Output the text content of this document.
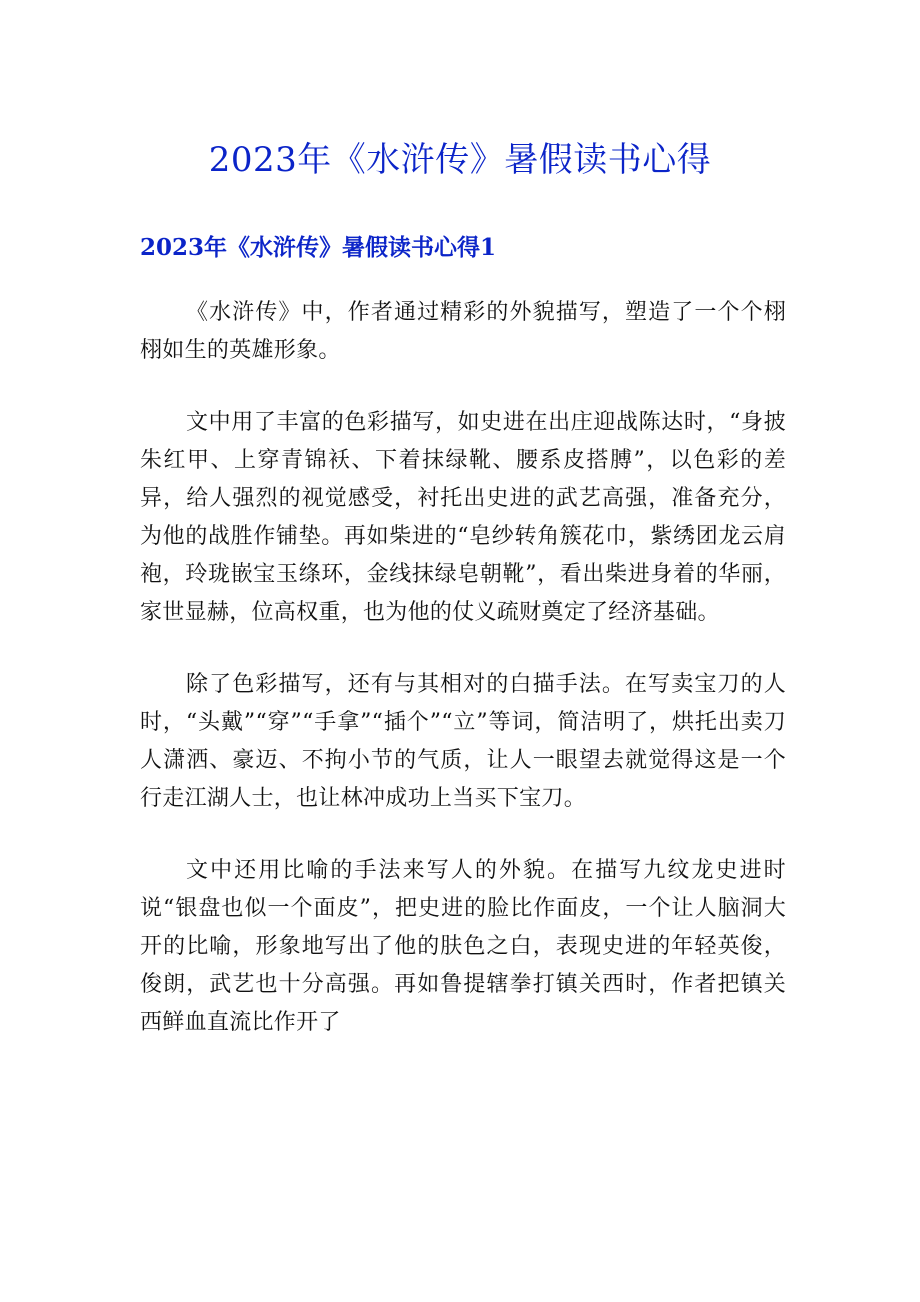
2023年《水浒传》暑假读书心得
2023年《水浒传》暑假读书心得1

《水浒传》中，作者通过精彩的外貌描写，塑造了一个个栩栩如生的英雄形象。

文中用了丰富的色彩描写，如史进在出庄迎战陈达时，“身披朱红甲、上穿青锦袄、下着抹绿靴、腰系皮搭膊”，以色彩的差异，给人强烈的视觉感受，衬托出史进的武艺高强，准备充分，为他的战胜作铺垫。再如柴进的“皂纱转角簇花巾，紫绣团龙云肩袍，玲珑嵌宝玉绦环，金线抹绿皂朝靴”，看出柴进身着的华丽，家世显赫，位高权重，也为他的仗义疏财奠定了经济基础。

除了色彩描写，还有与其相对的白描手法。在写卖宝刀的人时，“头戴”“穿”“手拿”“插个”“立”等词，简洁明了，烘托出卖刀人潇洒、豪迈、不拘小节的气质，让人一眼望去就觉得这是一个行走江湖人士，也让林冲成功上当买下宝刀。

文中还用比喻的手法来写人的外貌。在描写九纹龙史进时说“银盘也似一个面皮”，把史进的脸比作面皮，一个让人脑洞大开的比喻，形象地写出了他的肤色之白，表现史进的年轻英俊，俊朗，武艺也十分高强。再如鲁提辖拳打镇关西时，作者把镇关西鲜血直流比作开了
